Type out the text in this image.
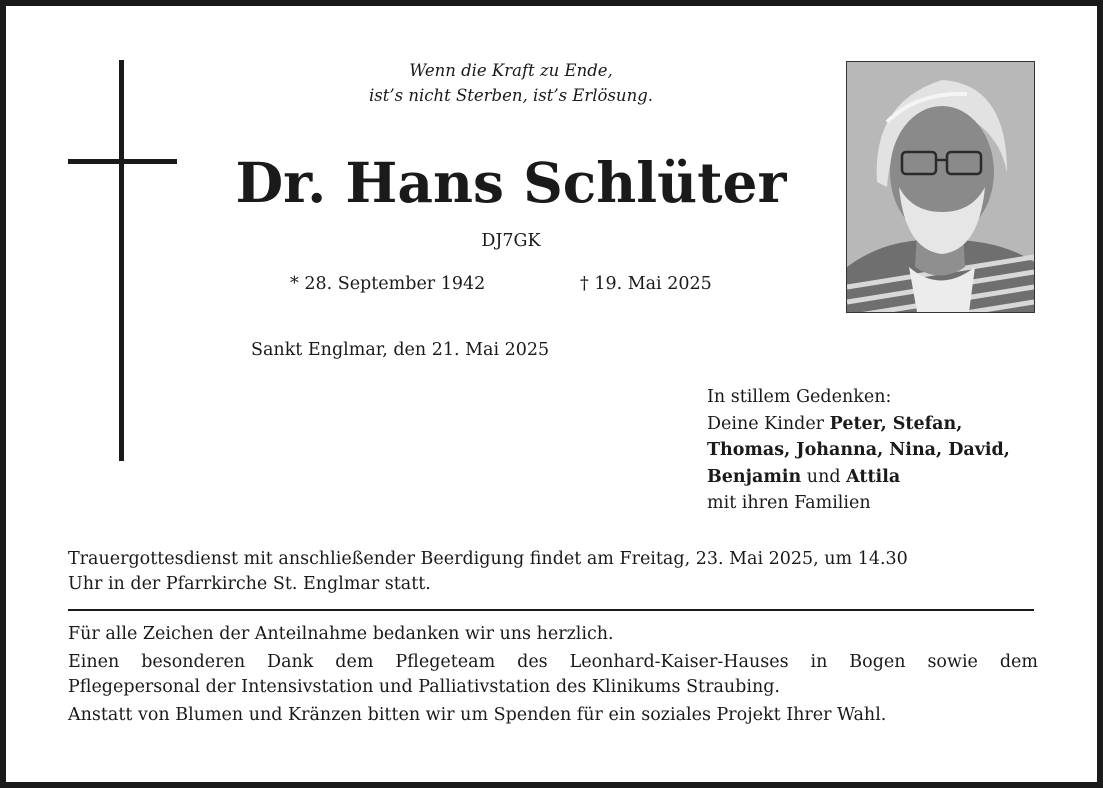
Wenn die Kraft zu Ende,
ist’s nicht Sterben, ist’s Erlösung.
Dr. Hans Schlüter
DJ7GK
* 28. September 1942	† 19. Mai 2025
Sankt Englmar, den 21. Mai 2025
In stillem Gedenken:
Deine Kinder Peter, Stefan,
Thomas, Johanna, Nina, David,
Benjamin und Attila
mit ihren Familien
Trauergottesdienst mit anschließender Beerdigung findet am Freitag, 23. Mai 2025, um 14.30
Uhr in der Pfarrkirche St. Englmar statt.

Für alle Zeichen der Anteilnahme bedanken wir uns herzlich.

Einen besonderen Dank dem Pflegeteam des Leonhard-Kaiser-Hauses in Bogen sowie dem
Pflegepersonal der Intensivstation und Palliativstation des Klinikums Straubing.

Anstatt von Blumen und Kränzen bitten wir um Spenden für ein soziales Projekt Ihrer Wahl.
